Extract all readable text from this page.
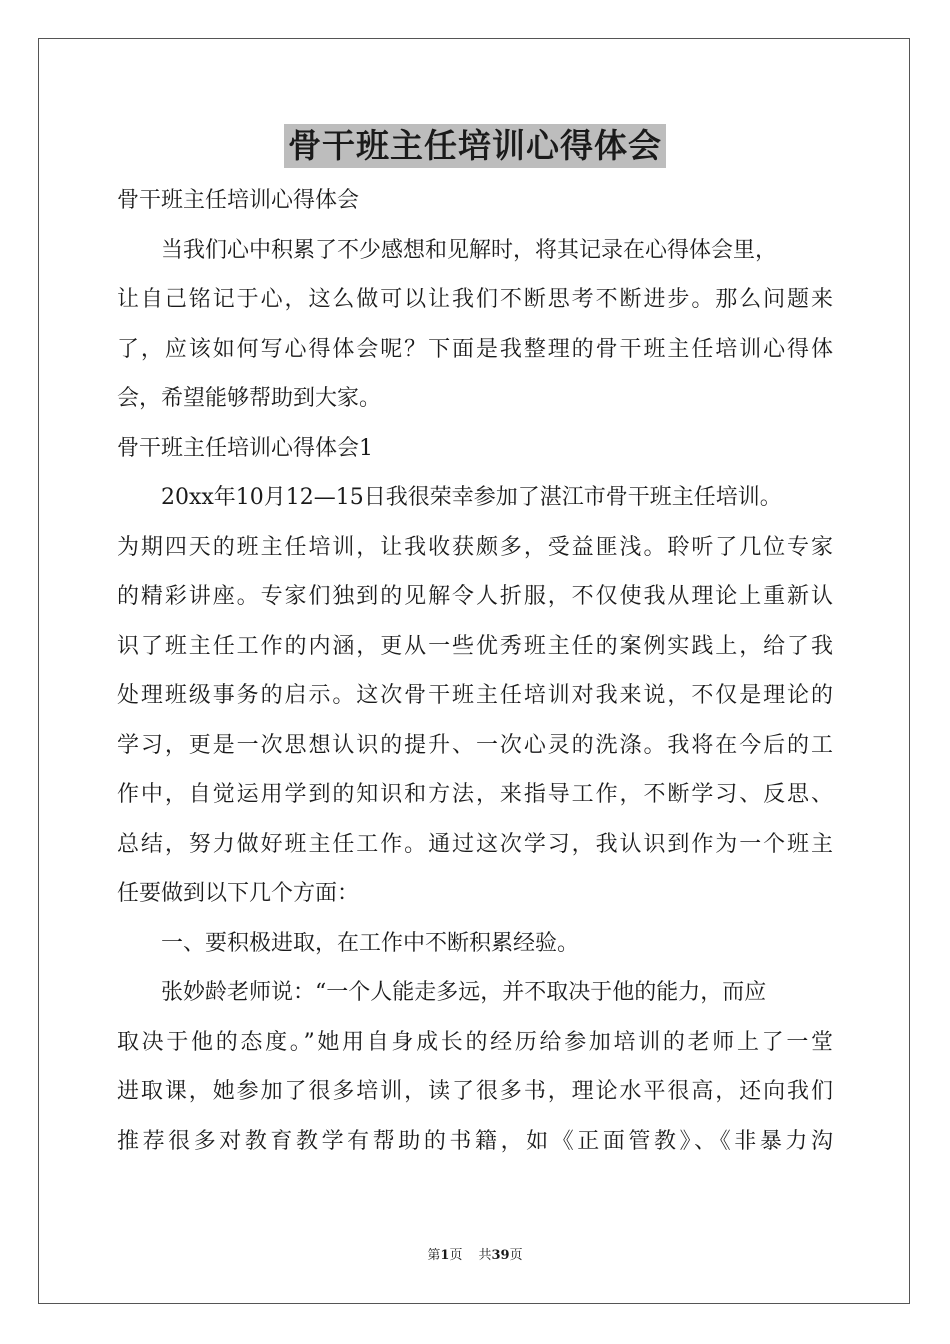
骨干班主任培训心得体会
骨干班主任培训心得体会
当我们心中积累了不少感想和见解时，将其记录在心得体会里，
让自己铭记于心，这么做可以让我们不断思考不断进步。那么问题来
了，应该如何写心得体会呢？下面是我整理的骨干班主任培训心得体
会，希望能够帮助到大家。
骨干班主任培训心得体会1
20xx年10月12—15日我很荣幸参加了湛江市骨干班主任培训。
为期四天的班主任培训，让我收获颇多，受益匪浅。聆听了几位专家
的精彩讲座。专家们独到的见解令人折服，不仅使我从理论上重新认
识了班主任工作的内涵，更从一些优秀班主任的案例实践上，给了我
处理班级事务的启示。这次骨干班主任培训对我来说，不仅是理论的
学习，更是一次思想认识的提升、一次心灵的洗涤。我将在今后的工
作中，自觉运用学到的知识和方法，来指导工作，不断学习、反思、
总结，努力做好班主任工作。通过这次学习，我认识到作为一个班主
任要做到以下几个方面：
一、要积极进取，在工作中不断积累经验。
张妙龄老师说：“一个人能走多远，并不取决于他的能力，而应
取决于他的态度。”她用自身成长的经历给参加培训的老师上了一堂
进取课，她参加了很多培训，读了很多书，理论水平很高，还向我们
推荐很多对教育教学有帮助的书籍，如《正面管教》、《非暴力沟
第1页 共39页
